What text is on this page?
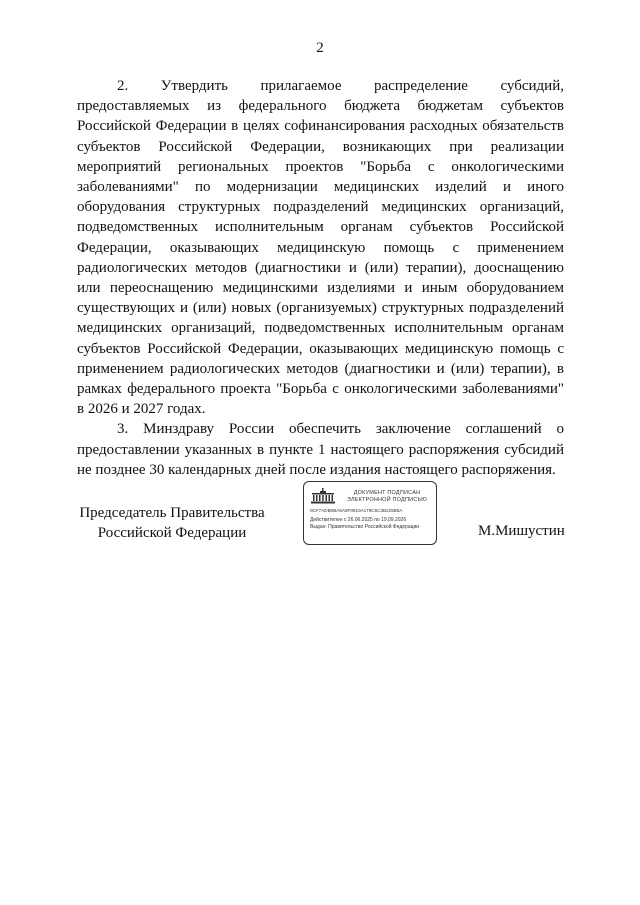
2

2. Утвердить прилагаемое распределение субсидий, предоставляемых из федерального бюджета бюджетам субъектов Российской Федерации в целях софинансирования расходных обязательств субъектов Российской Федерации, возникающих при реализации мероприятий региональных проектов "Борьба с онкологическими заболеваниями" по модернизации медицинских изделий и иного оборудования структурных подразделений медицинских организаций, подведомственных исполнительным органам субъектов Российской Федерации, оказывающих медицинскую помощь с применением радиологических методов (диагностики и (или) терапии), дооснащению или переоснащению медицинскими изделиями и иным оборудованием существующих и (или) новых (организуемых) структурных подразделений медицинских организаций, подведомственных исполнительным органам субъектов Российской Федерации, оказывающих медицинскую помощь с применением радиологических методов (диагностики и (или) терапии), в рамках федерального проекта "Борьба с онкологическими заболеваниями" в 2026 и 2027 годах.

3. Минздраву России обеспечить заключение соглашений о предоставлении указанных в пункте 1 настоящего распоряжения субсидий не позднее 30 календарных дней после издания настоящего распоряжения.

Председатель Правительства
Российской Федерации
ДОКУМЕНТ ПОДПИСАН
ЭЛЕКТРОННОЙ ПОДПИСЬЮ
0CF7ADB0BA5A6F0910A179C5C3B225B5A
Действителен с 26.06.2025 по 19.09.2026
Выдан: Правительство Российской Федерации	М.Мишустин
